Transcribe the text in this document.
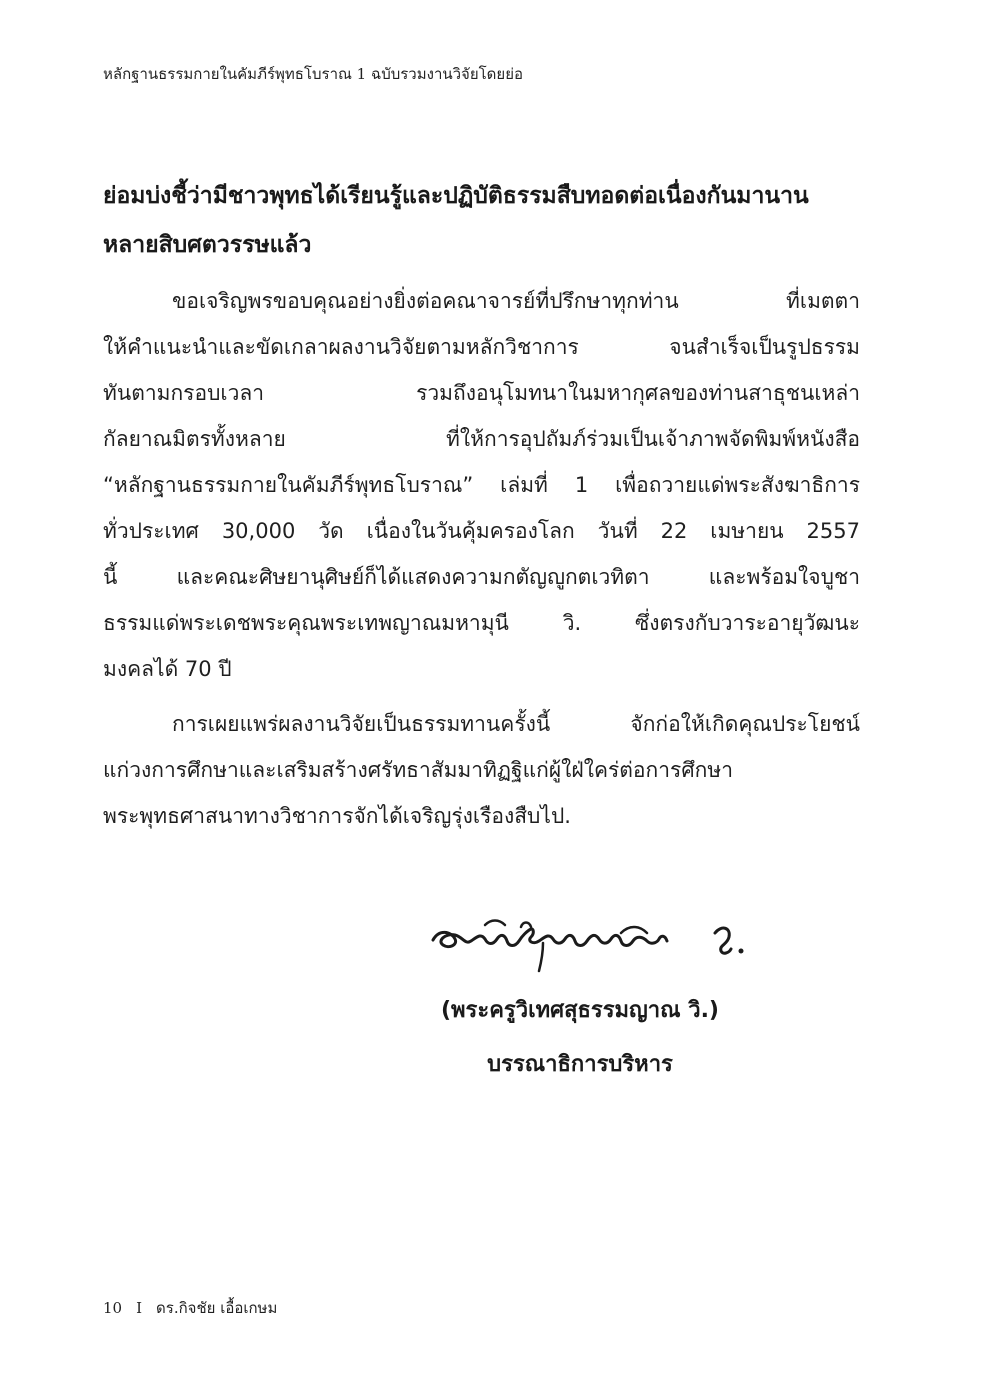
หลักฐานธรรมกายในคัมภีร์พุทธโบราณ 1 ฉบับรวมงานวิจัยโดยย่อ
ย่อมบ่งชี้ว่ามีชาวพุทธได้เรียนรู้และปฏิบัติธรรมสืบทอดต่อเนื่องกันมานาน
หลายสิบศตวรรษแล้ว
ขอเจริญพรขอบคุณอย่างยิ่งต่อคณาจารย์ที่ปรึกษาทุกท่าน ที่เมตตา
ให้คำแนะนำและขัดเกลาผลงานวิจัยตามหลักวิชาการ จนสำเร็จเป็นรูปธรรม
ทันตามกรอบเวลา รวมถึงอนุโมทนาในมหากุศลของท่านสาธุชนเหล่า
กัลยาณมิตรทั้งหลาย ที่ให้การอุปถัมภ์ร่วมเป็นเจ้าภาพจัดพิมพ์หนังสือ
“หลักฐานธรรมกายในคัมภีร์พุทธโบราณ” เล่มที่ 1 เพื่อถวายแด่พระสังฆาธิการ
ทั่วประเทศ 30,000 วัด เนื่องในวันคุ้มครองโลก วันที่ 22 เมษายน 2557
นี้ และคณะศิษยานุศิษย์ก็ได้แสดงความกตัญญูกตเวทิตา และพร้อมใจบูชา
ธรรมแด่พระเดชพระคุณพระเทพญาณมหามุนี วิ. ซึ่งตรงกับวาระอายุวัฒนะ
มงคลได้ 70 ปี
การเผยแพร่ผลงานวิจัยเป็นธรรมทานครั้งนี้ จักก่อให้เกิดคุณประโยชน์
แก่วงการศึกษาและเสริมสร้างศรัทธาสัมมาทิฏฐิแก่ผู้ใฝ่ใคร่ต่อการศึกษา
พระพุทธศาสนาทางวิชาการจักได้เจริญรุ่งเรืองสืบไป.
(พระครูวิเทศสุธรรมญาณ วิ.)
บรรณาธิการบริหาร
10 I ดร.กิจชัย เอื้อเกษม
